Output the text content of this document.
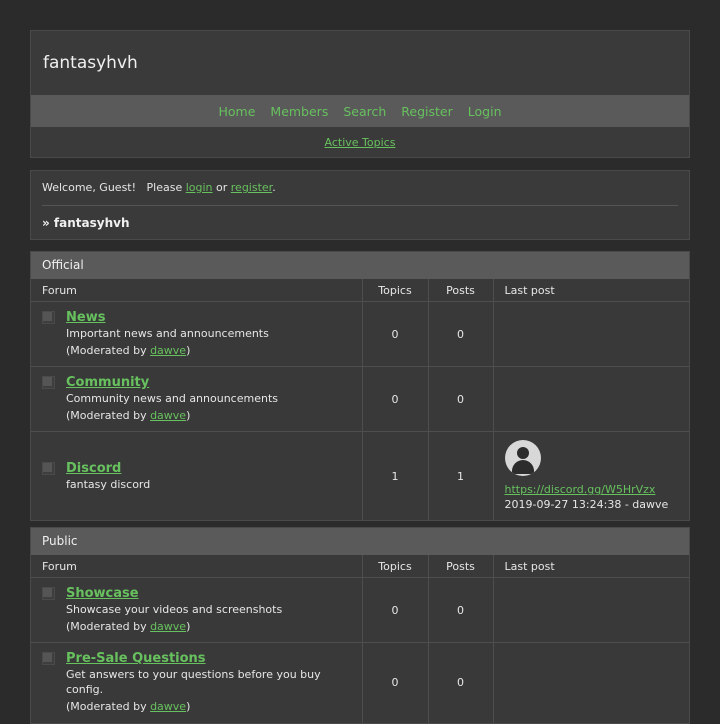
fantasyhvh
Home Members Search Register Login
Active Topics
Welcome, Guest!   Please login or register.
» fantasyhvh
Official
Forum	Topics	Posts	Last post

News
Important news and announcements
(Moderated by dawve)	0	0	

Community
Community news and announcements
(Moderated by dawve)	0	0	

Discord
fantasy discord	1	1	https://discord.gg/W5HrVzx
2019-09-27 13:24:38 - dawve
Public
Forum	Topics	Posts	Last post

Showcase
Showcase your videos and screenshots
(Moderated by dawve)	0	0	

Pre-Sale Questions
Get answers to your questions before you buy config.
(Moderated by dawve)	0	0	
